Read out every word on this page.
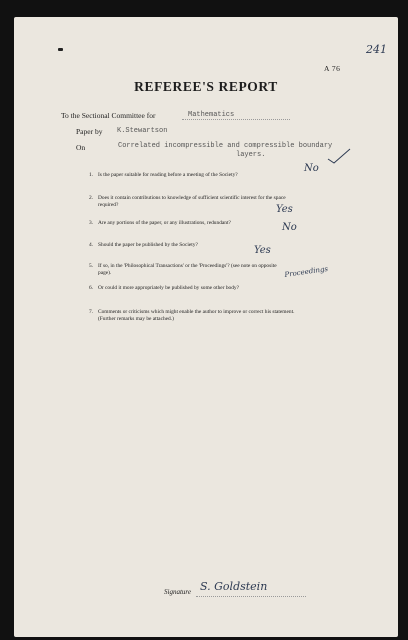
241
A 76
REFEREE'S REPORT
To the Sectional Committee for	Mathematics
Paper by K.Stewartson
On	Correlated incompressible and compressible boundary
layers.
1. Is the paper suitable for reading before a meeting of the Society?
No
2. Does it contain contributions to knowledge of sufficient scientific interest for the space
required?	Yes
3. Are any portions of the paper, or any illustrations, redundant?	No
4. Should the paper be published by the Society?	Yes
5. If so, in the 'Philosophical Transactions' or the 'Proceedings'? (see note on opposite
page).	Proceedings
6. Or could it more appropriately be published by some other body?
7. Comments or criticisms which might enable the author to improve or correct his statement.
(Further remarks may be attached.)
Signature S. Goldstein
